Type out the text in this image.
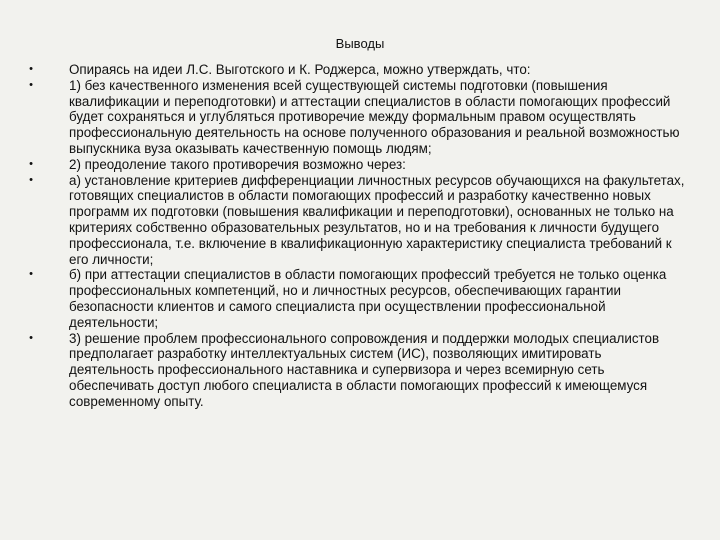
Выводы
•	Опираясь на идеи Л.С. Выготского и К. Роджерса, можно утверждать, что:
•	1) без качественного изменения всей существующей системы подготовки (повышения квалификации и переподготовки) и аттестации специалистов в области помогающих профессий будет сохраняться и углубляться противоречие между формальным правом осуществлять профессиональную деятельность на основе полученного образования и реальной возможностью выпускника вуза оказывать качественную помощь людям;
•	2) преодоление такого противоречия возможно через:
•	а) установление критериев дифференциации личностных ресурсов обучающихся на факультетах, готовящих специалистов в области помогающих профессий и разработку качественно новых программ их подготовки (повышения квалификации и переподготовки), основанных не только на критериях собственно образовательных результатов, но и на требования к личности будущего профессионала, т.е. включение в квалификационную характеристику специалиста требований к его личности;
•	б) при аттестации специалистов в области помогающих профессий требуется не только оценка профессиональных компетенций, но и личностных ресурсов, обеспечивающих гарантии безопасности клиентов и самого специалиста при осуществлении профессиональной деятельности;
•	3) решение проблем профессионального сопровождения и поддержки молодых специалистов предполагает разработку интеллектуальных систем (ИС), позволяющих имитировать деятельность профессионального наставника и супервизора и через всемирную сеть обеспечивать доступ любого специалиста в области помогающих профессий к имеющемуся современному опыту.
